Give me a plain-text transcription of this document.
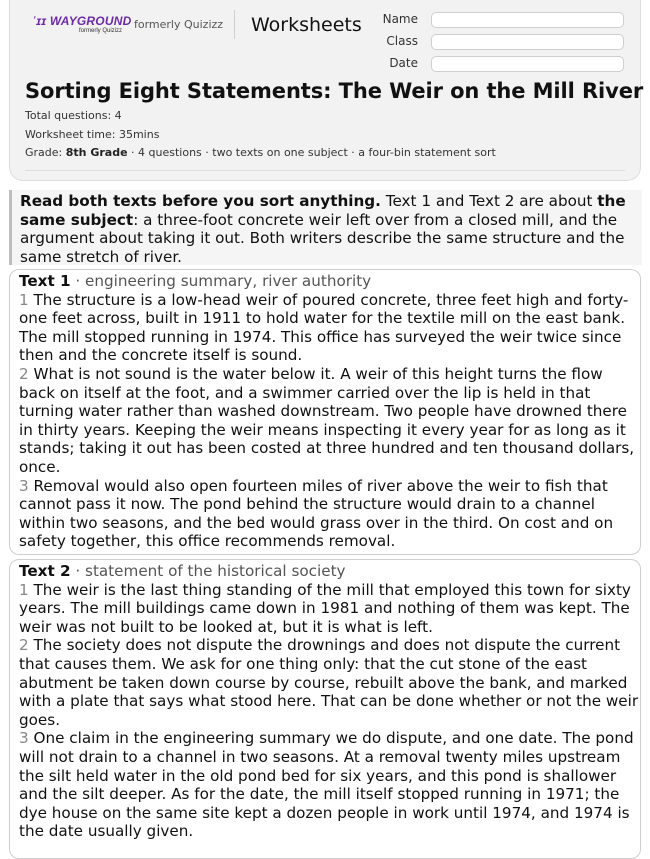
᾿ɪɪ WAYGROUND
formerly Quizizz formerly Quizizz Worksheets Name
Class
Date
Sorting Eight Statements: The Weir on the Mill River
Total questions: 4
Worksheet time: 35mins
Grade: 8th Grade · 4 questions · two texts on one subject · a four-bin statement sort
Read both texts before you sort anything. Text 1 and Text 2 are about the same subject: a three-foot concrete weir left over from a closed mill, and the argument about taking it out. Both writers describe the same structure and the same stretch of river.
Text 1 · engineering summary, river authority
1 The structure is a low-head weir of poured concrete, three feet high and forty-one feet across, built in 1911 to hold water for the textile mill on the east bank. The mill stopped running in 1974. This office has surveyed the weir twice since then and the concrete itself is sound.
2 What is not sound is the water below it. A weir of this height turns the flow back on itself at the foot, and a swimmer carried over the lip is held in that turning water rather than washed downstream. Two people have drowned there in thirty years. Keeping the weir means inspecting it every year for as long as it stands; taking it out has been costed at three hundred and ten thousand dollars, once.
3 Removal would also open fourteen miles of river above the weir to fish that cannot pass it now. The pond behind the structure would drain to a channel within two seasons, and the bed would grass over in the third. On cost and on safety together, this office recommends removal.
Text 2 · statement of the historical society
1 The weir is the last thing standing of the mill that employed this town for sixty years. The mill buildings came down in 1981 and nothing of them was kept. The weir was not built to be looked at, but it is what is left.
2 The society does not dispute the drownings and does not dispute the current that causes them. We ask for one thing only: that the cut stone of the east abutment be taken down course by course, rebuilt above the bank, and marked with a plate that says what stood here. That can be done whether or not the weir goes.
3 One claim in the engineering summary we do dispute, and one date. The pond will not drain to a channel in two seasons. At a removal twenty miles upstream the silt held water in the old pond bed for six years, and this pond is shallower and the silt deeper. As for the date, the mill itself stopped running in 1971; the dye house on the same site kept a dozen people in work until 1974, and 1974 is the date usually given.
